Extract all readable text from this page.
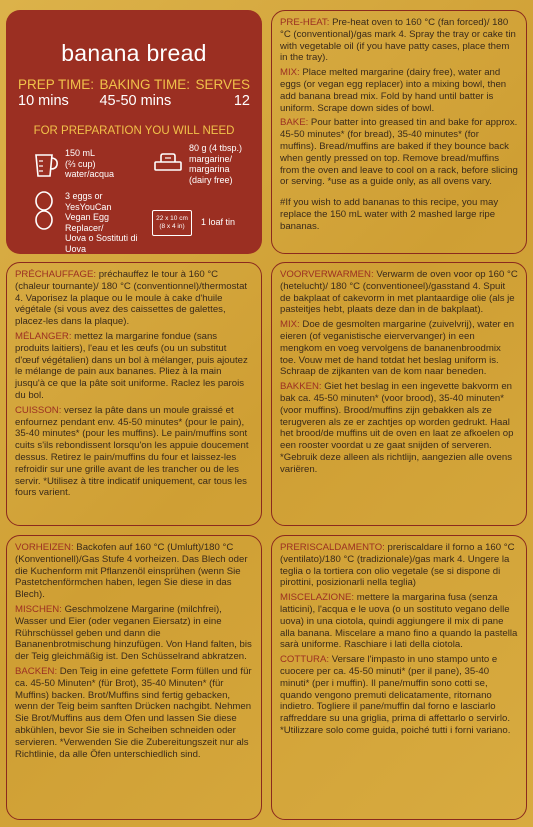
banana bread
PREP TIME:
10 mins
BAKING TIME:
45-50 mins
SERVES
12
FOR PREPARATION YOU WILL NEED
150 mL
(⅔ cup)
water/acqua
80 g (4 tbsp.)
margarine/
margarina
(dairy free)
3 eggs or
YesYouCan
Vegan Egg
Replacer/
Uova o Sostituti di Uova
22 x 10 cm
(8 x 4 in) 1 loaf tin

PRE-HEAT: Pre-heat oven to 160 °C (fan forced)/ 180 °C (conventional)/gas mark 4. Spray the tray or cake tin with vegetable oil (if you have patty cases, place them in the tray).

MIX: Place melted margarine (dairy free), water and eggs (or vegan egg replacer) into a mixing bowl, then add banana bread mix. Fold by hand until batter is uniform. Scrape down sides of bowl.

BAKE: Pour batter into greased tin and bake for approx. 45-50 minutes* (for bread), 35-40 minutes* (for muffins). Bread/muffins are baked if they bounce back when gently pressed on top. Remove bread/muffins from the oven and leave to cool on a rack, before slicing or serving. *use as a guide only, as all ovens vary.

#If you wish to add bananas to this recipe, you may replace the 150 mL water with 2 mashed large ripe bananas.

PRÉCHAUFFAGE: préchauffez le tour à 160 °C (chaleur tournante)/ 180 °C (conventionnel)/thermostat 4. Vaporisez la plaque ou le moule à cake d'huile végétale (si vous avez des caissettes de galettes, placez-les dans la plaque).

MÉLANGER: mettez la margarine fondue (sans produits laitiers), l'eau et les œufs (ou un substitut d'œuf végétalien) dans un bol à mélanger, puis ajoutez le mélange de pain aux bananes. Pliez à la main jusqu'à ce que la pâte soit uniforme. Raclez les parois du bol.

CUISSON: versez la pâte dans un moule graissé et enfournez pendant env. 45-50 minutes* (pour le pain), 35-40 minutes* (pour les muffins). Le pain/muffins sont cuits s'ils rebondissent lorsqu'on les appuie doucement dessus. Retirez le pain/muffins du four et laissez-les refroidir sur une grille avant de les trancher ou de les servir. *Utilisez à titre indicatif uniquement, car tous les fours varient.

VOORVERWARMEN: Verwarm de oven voor op 160 °C (hetelucht)/ 180 °C (conventioneel)/gasstand 4. Spuit de bakplaat of cakevorm in met plantaardige olie (als je pasteitjes hebt, plaats deze dan in de bakplaat).

MIX: Doe de gesmolten margarine (zuivelvrij), water en eieren (of veganistische eiervervanger) in een mengkom en voeg vervolgens de bananenbroodmix toe. Vouw met de hand totdat het beslag uniform is. Schraap de zijkanten van de kom naar beneden.

BAKKEN: Giet het beslag in een ingevette bakvorm en bak ca. 45-50 minuten* (voor brood), 35-40 minuten* (voor muffins). Brood/muffins zijn gebakken als ze terugveren als ze er zachtjes op worden gedrukt. Haal het brood/de muffins uit de oven en laat ze afkoelen op een rooster voordat u ze gaat snijden of serveren. *Gebruik deze alleen als richtlijn, aangezien alle ovens variëren.

VORHEIZEN: Backofen auf 160 °C (Umluft)/180 °C (Konventionell)/Gas Stufe 4 vorheizen. Das Blech oder die Kuchenform mit Pflanzenöl einsprühen (wenn Sie Pastetchenförmchen haben, legen Sie diese in das Blech).

MISCHEN: Geschmolzene Margarine (milchfrei), Wasser und Eier (oder veganen Eiersatz) in eine Rührschüssel geben und dann die Bananenbrotmischung hinzufügen. Von Hand falten, bis der Teig gleichmäßig ist. Den Schüsselrand abkratzen.

BACKEN: Den Teig in eine gefettete Form füllen und für ca. 45-50 Minuten* (für Brot), 35-40 Minuten* (für Muffins) backen. Brot/Muffins sind fertig gebacken, wenn der Teig beim sanften Drücken nachgibt. Nehmen Sie Brot/Muffins aus dem Ofen und lassen Sie diese abkühlen, bevor Sie sie in Scheiben schneiden oder servieren. *Verwenden Sie die Zubereitungszeit nur als Richtlinie, da alle Öfen unterschiedlich sind.

PRERISCALDAMENTO: preriscaldare il forno a 160 °C (ventilato)/180 °C (tradizionale)/gas mark 4. Ungere la teglia o la tortiera con olio vegetale (se si dispone di pirottini, posizionarli nella teglia)

MISCELAZIONE: mettere la margarina fusa (senza latticini), l'acqua e le uova (o un sostituto vegano delle uova) in una ciotola, quindi aggiungere il mix di pane alla banana. Miscelare a mano fino a quando la pastella sarà uniforme. Raschiare i lati della ciotola.

COTTURA: Versare l'impasto in uno stampo unto e cuocere per ca. 45-50 minuti* (per il pane), 35-40 minuti* (per i muffin). Il pane/muffin sono cotti se, quando vengono premuti delicatamente, ritornano indietro. Togliere il pane/muffin dal forno e lasciarlo raffreddare su una griglia, prima di affettarlo o servirlo. *Utilizzare solo come guida, poiché tutti i forni variano.
